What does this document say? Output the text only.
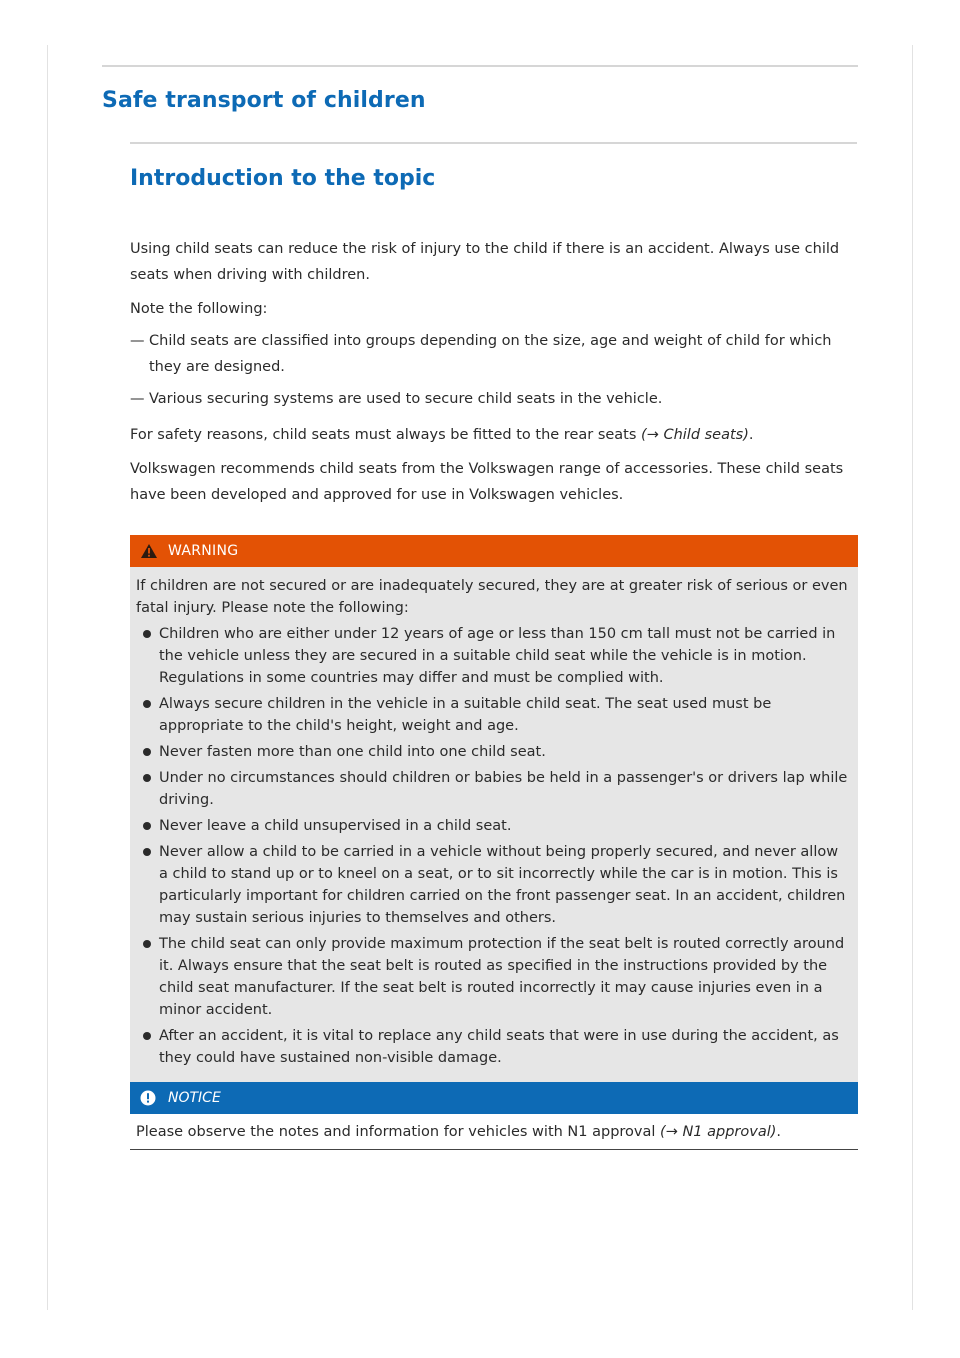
Safe transport of children
Introduction to the topic

Using child seats can reduce the risk of injury to the child if there is an accident. Always use child seats when driving with children.

Note the following:

— Child seats are classified into groups depending on the size, age and weight of child for which they are designed.
— Various securing systems are used to secure child seats in the vehicle.

For safety reasons, child seats must always be fitted to the rear seats (→ Child seats).

Volkswagen recommends child seats from the Volkswagen range of accessories. These child seats have been developed and approved for use in Volkswagen vehicles.

WARNING

If children are not secured or are inadequately secured, they are at greater risk of serious or even fatal injury. Please note the following:

Children who are either under 12 years of age or less than 150 cm tall must not be carried in the vehicle unless they are secured in a suitable child seat while the vehicle is in motion. Regulations in some countries may differ and must be complied with.
Always secure children in the vehicle in a suitable child seat. The seat used must be appropriate to the child's height, weight and age.
Never fasten more than one child into one child seat.
Under no circumstances should children or babies be held in a passenger's or drivers lap while driving.
Never leave a child unsupervised in a child seat.
Never allow a child to be carried in a vehicle without being properly secured, and never allow a child to stand up or to kneel on a seat, or to sit incorrectly while the car is in motion. This is particularly important for children carried on the front passenger seat. In an accident, children may sustain serious injuries to themselves and others.
The child seat can only provide maximum protection if the seat belt is routed correctly around it. Always ensure that the seat belt is routed as specified in the instructions provided by the child seat manufacturer. If the seat belt is routed incorrectly it may cause injuries even in a minor accident.
After an accident, it is vital to replace any child seats that were in use during the accident, as they could have sustained non-visible damage.
NOTICE
Please observe the notes and information for vehicles with N1 approval (→ N1 approval).
